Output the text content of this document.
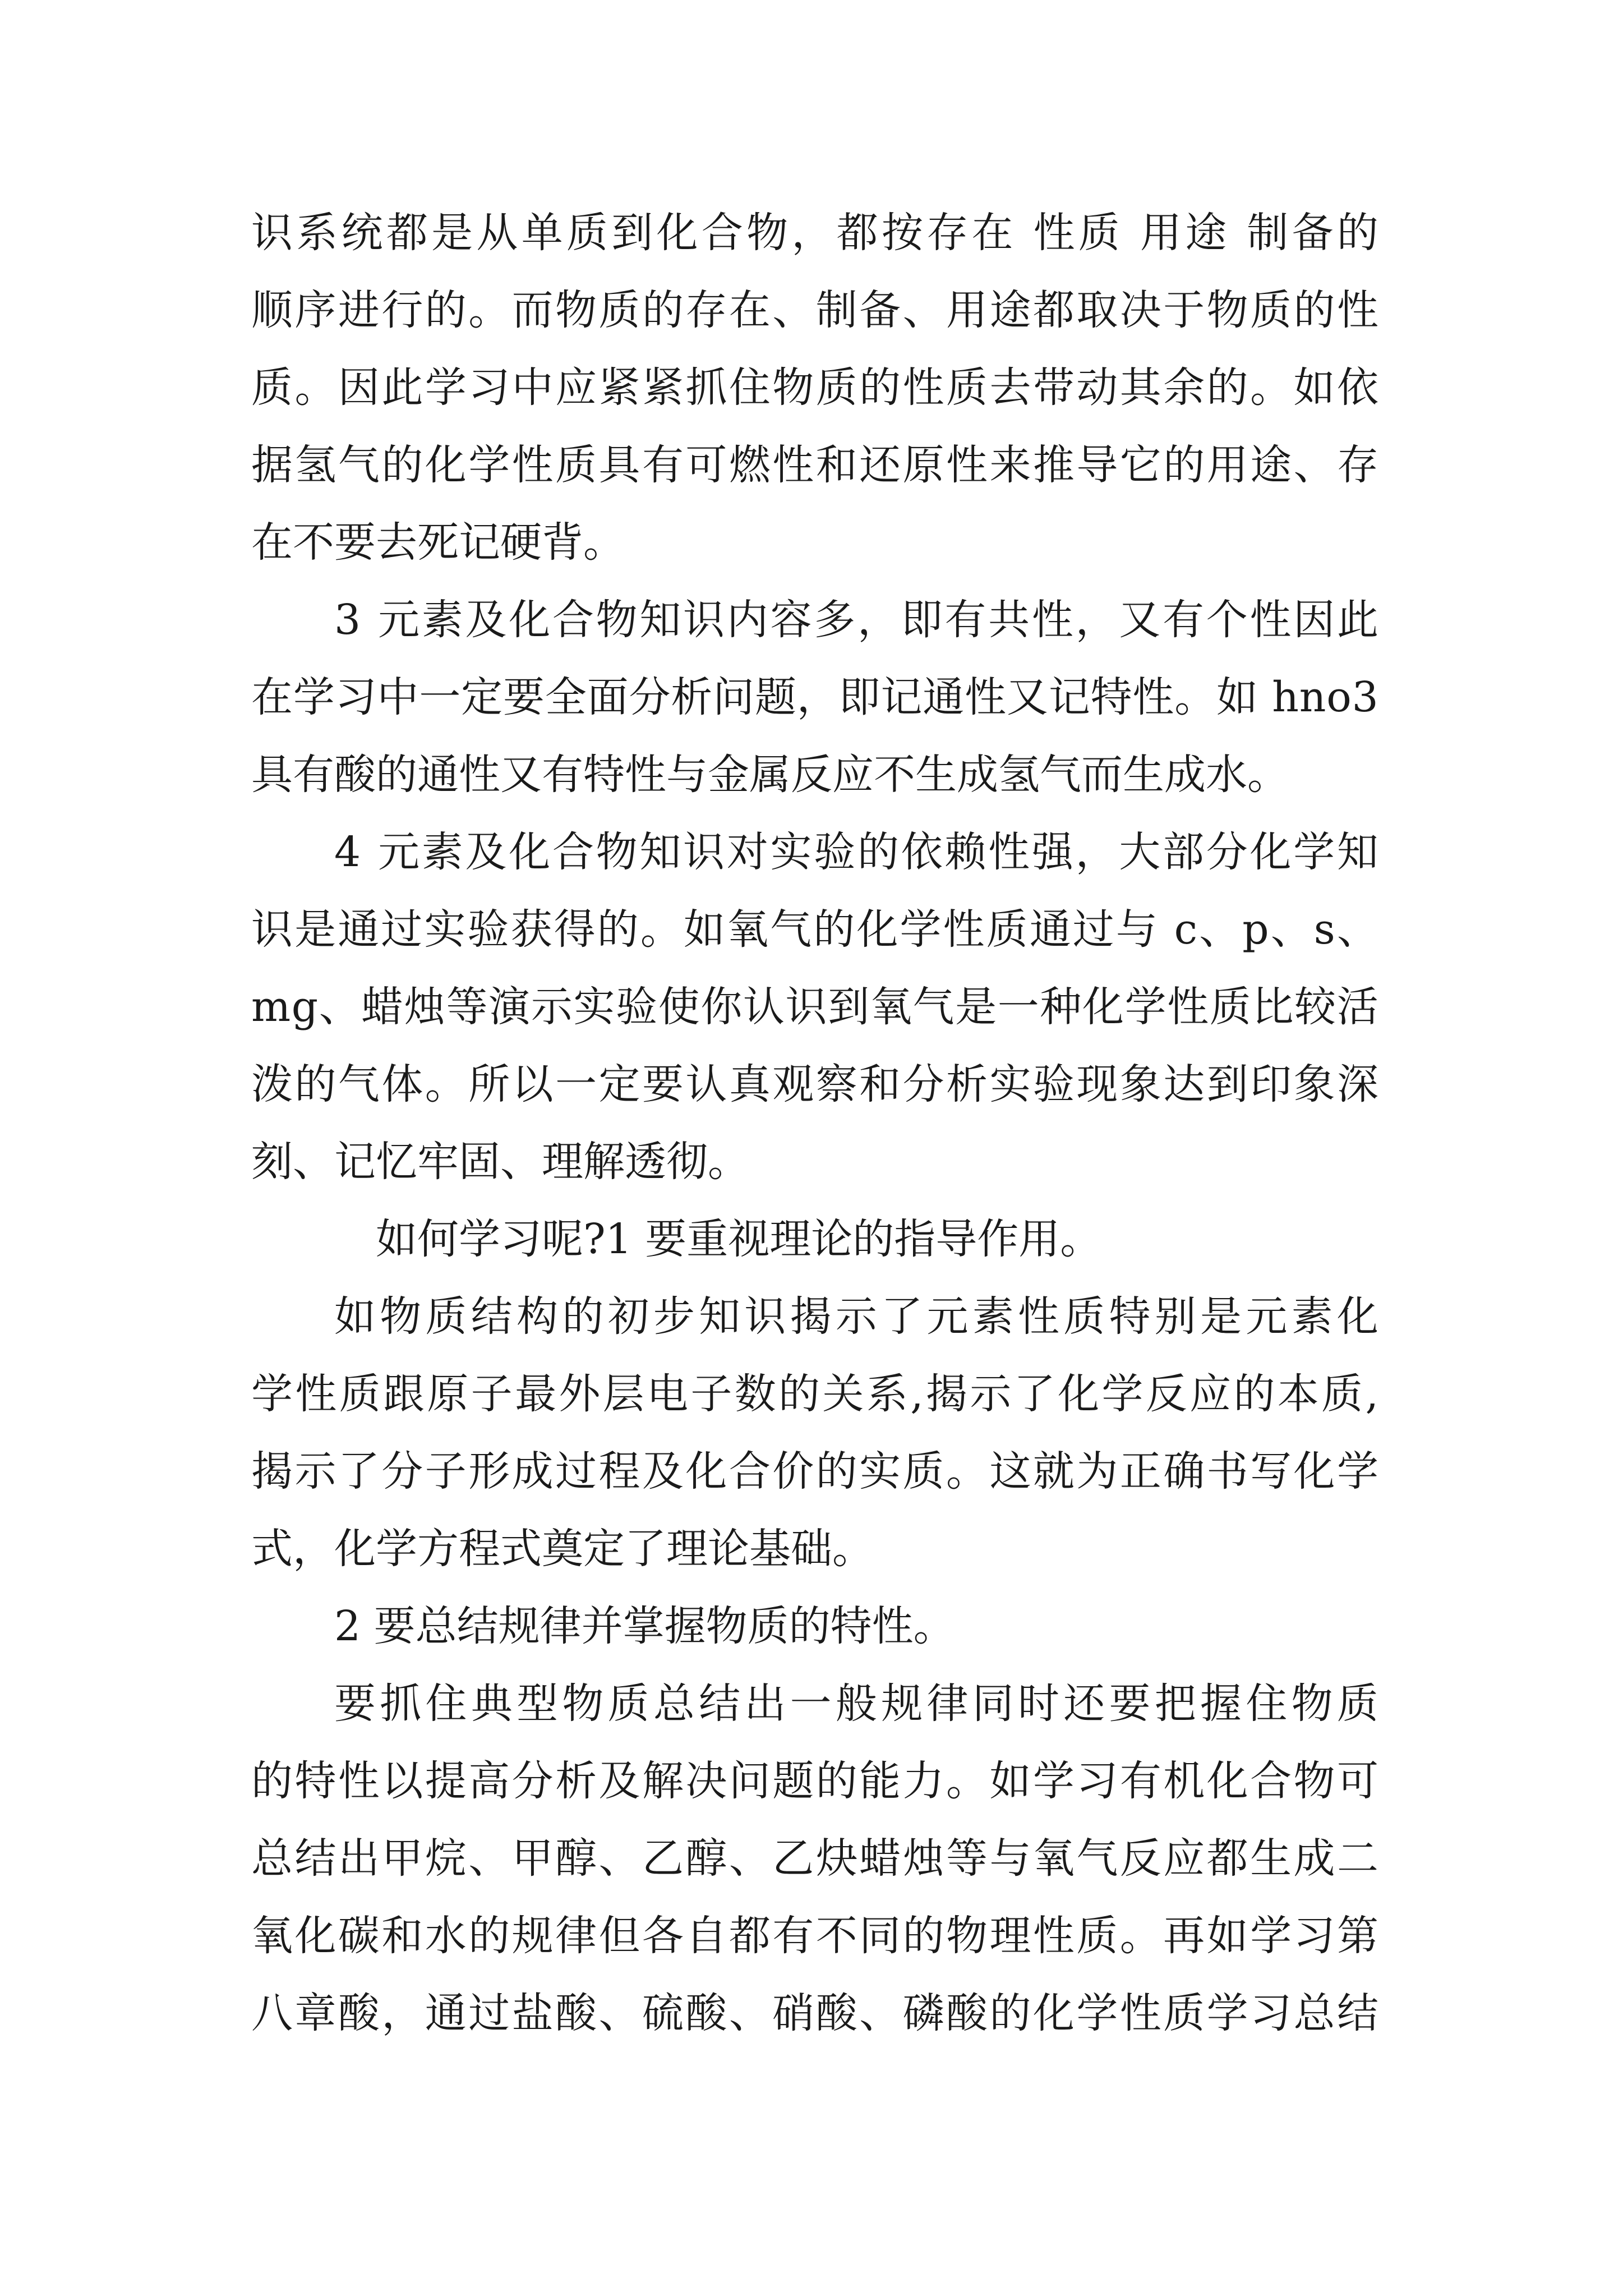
识 系 统 都 是 从 单 质 到 化 合 物 ， 都 按 存 在
性 质
用 途
制 备 的
顺 序 进 行 的 。 而 物 质 的 存 在 、 制 备 、 用 途 都 取 决 于 物 质 的 性
质 。 因 此 学 习 中 应 紧 紧 抓 住 物 质 的 性 质 去 带 动 其 余 的 。 如 依
据 氢 气 的 化 学 性 质 具 有 可 燃 性 和 还 原 性 来 推 导 它 的 用 途 、 存
在不要去死记硬背。
3
元 素 及 化 合 物 知 识 内 容 多 ， 即 有 共 性 ， 又 有 个 性 因 此
在 学 习 中 一 定 要 全 面 分 析 问 题 ， 即 记 通 性 又 记 特 性 。 如
h n o 3
具有酸的通性又有特性与金属反应不生成氢气而生成水。
4
元 素 及 化 合 物 知 识 对 实 验 的 依 赖 性 强 ， 大 部 分 化 学 知
识 是 通 过 实 验 获 得 的 。 如 氧 气 的 化 学 性 质 通 过 与
c 、 p 、 s 、
m g 、 蜡 烛 等 演 示 实 验 使 你 认 识 到 氧 气 是 一 种 化 学 性 质 比 较 活
泼 的 气 体 。 所 以 一 定 要 认 真 观 察 和 分 析 实 验 现 象 达 到 印 象 深
刻、记忆牢固、理解透彻。
如何学习呢?1 要重视理论的指导作用。
如 物 质 结 构 的 初 步 知 识 揭 示 了 元 素 性 质 特 别 是 元 素 化
学 性 质 跟 原 子 最 外 层 电 子 数 的 关 系 , 揭 示 了 化 学 反 应 的 本 质 ,
揭 示 了 分 子 形 成 过 程 及 化 合 价 的 实 质 。 这 就 为 正 确 书 写 化 学
式，化学方程式奠定了理论基础。
2 要总结规律并掌握物质的特性。
要 抓 住 典 型 物 质 总 结 出 一 般 规 律 同 时 还 要 把 握 住 物 质
的 特 性 以 提 高 分 析 及 解 决 问 题 的 能 力 。 如 学 习 有 机 化 合 物 可
总 结 出 甲 烷 、 甲 醇 、 乙 醇 、 乙 炔 蜡 烛 等 与 氧 气 反 应 都 生 成 二
氧 化 碳 和 水 的 规 律 但 各 自 都 有 不 同 的 物 理 性 质 。 再 如 学 习 第
八 章 酸 ， 通 过 盐 酸 、 硫 酸 、 硝 酸 、 磷 酸 的 化 学 性 质 学 习 总 结
